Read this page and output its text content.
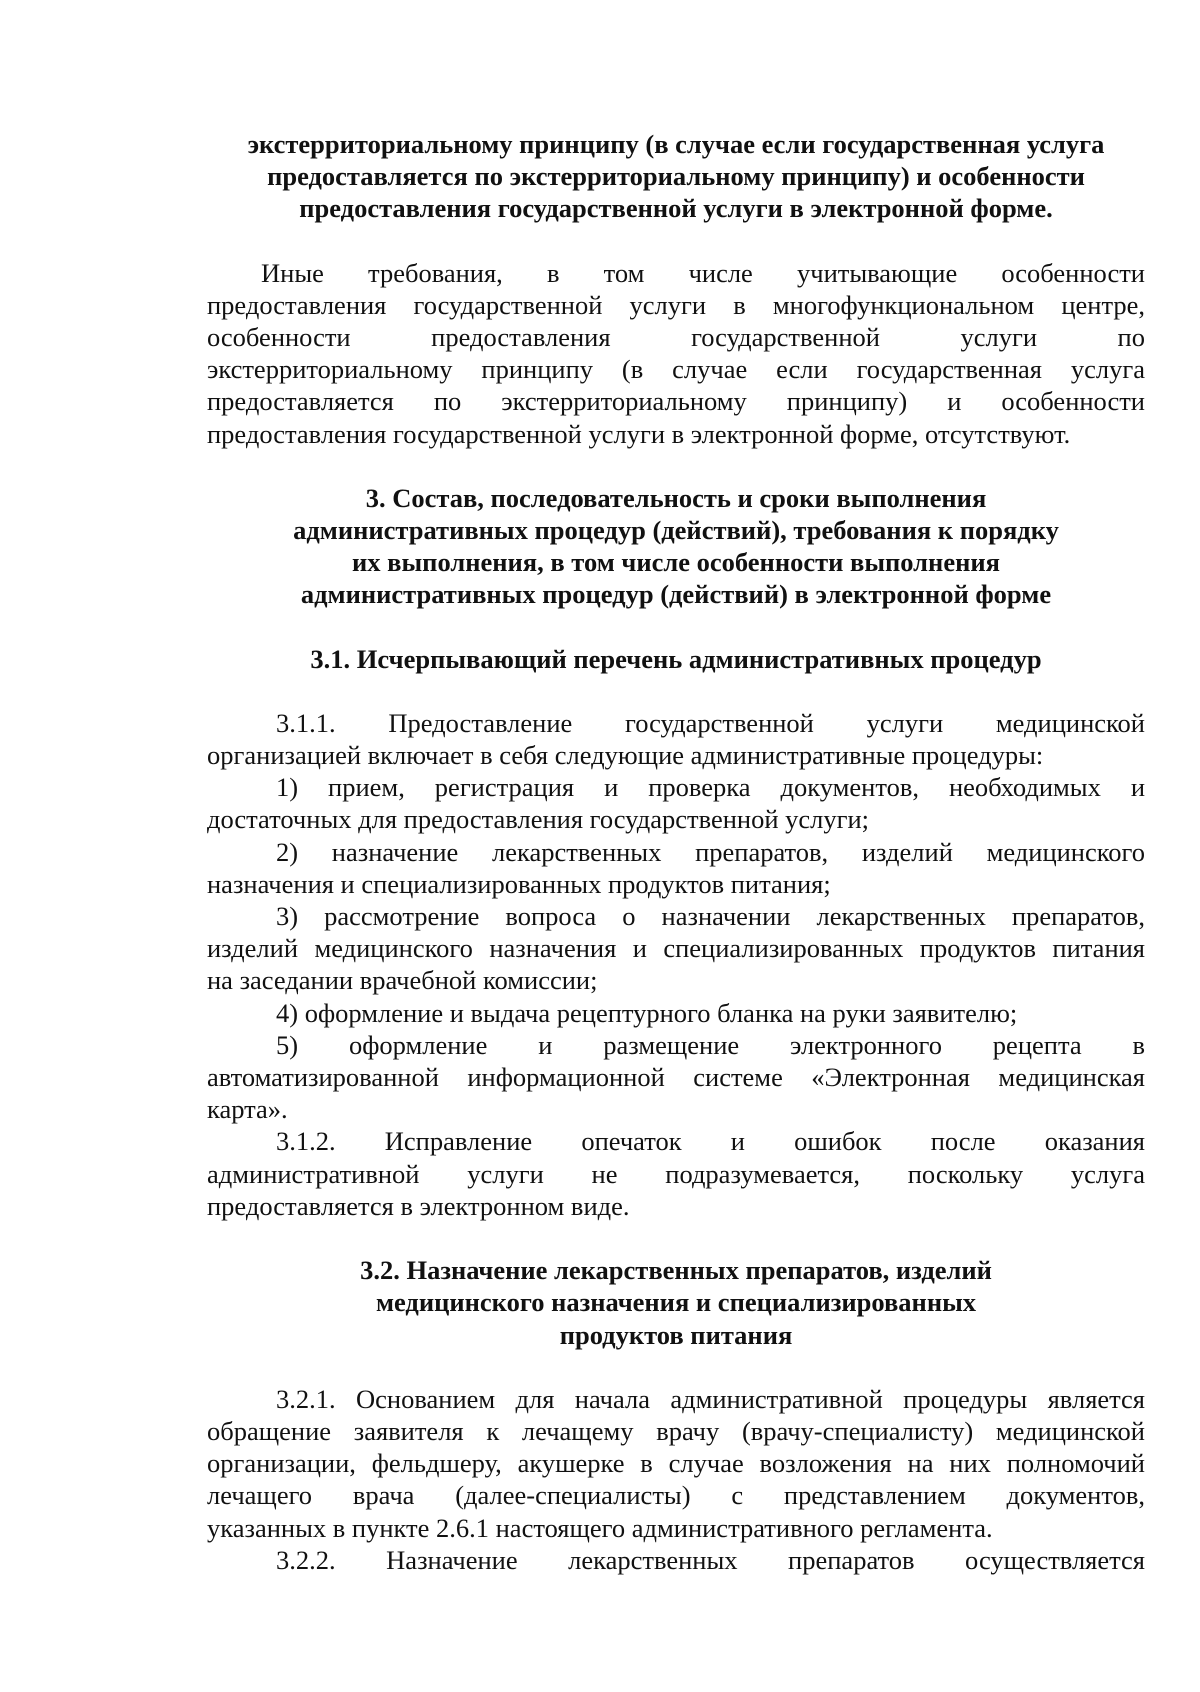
экстерриториальному принципу (в случае если государственная услуга
предоставляется по экстерриториальному принципу) и особенности
предоставления государственной услуги в электронной форме.
Иные требования, в том числе учитывающие особенности
предоставления государственной услуги в многофункциональном центре,
особенности предоставления государственной услуги по
экстерриториальному принципу (в случае если государственная услуга
предоставляется по экстерриториальному принципу) и особенности
предоставления государственной услуги в электронной форме, отсутствуют.
3. Состав, последовательность и сроки выполнения
административных процедур (действий), требования к порядку
их выполнения, в том числе особенности выполнения
административных процедур (действий) в электронной форме
3.1. Исчерпывающий перечень административных процедур
3.1.1. Предоставление государственной услуги медицинской
организацией включает в себя следующие административные процедуры:
1) прием, регистрация и проверка документов, необходимых и
достаточных для предоставления государственной услуги;
2) назначение лекарственных препаратов, изделий медицинского
назначения и специализированных продуктов питания;
3) рассмотрение вопроса о назначении лекарственных препаратов,
изделий медицинского назначения и специализированных продуктов питания
на заседании врачебной комиссии;
4) оформление и выдача рецептурного бланка на руки заявителю;
5) оформление и размещение электронного рецепта в
автоматизированной информационной системе «Электронная медицинская
карта».
3.1.2. Исправление опечаток и ошибок после оказания
административной услуги не подразумевается, поскольку услуга
предоставляется в электронном виде.
3.2. Назначение лекарственных препаратов, изделий
медицинского назначения и специализированных
продуктов питания
3.2.1. Основанием для начала административной процедуры является
обращение заявителя к лечащему врачу (врачу-специалисту) медицинской
организации, фельдшеру, акушерке в случае возложения на них полномочий
лечащего врача (далее-специалисты) с представлением документов,
указанных в пункте 2.6.1 настоящего административного регламента.
3.2.2. Назначение лекарственных препаратов осуществляется
